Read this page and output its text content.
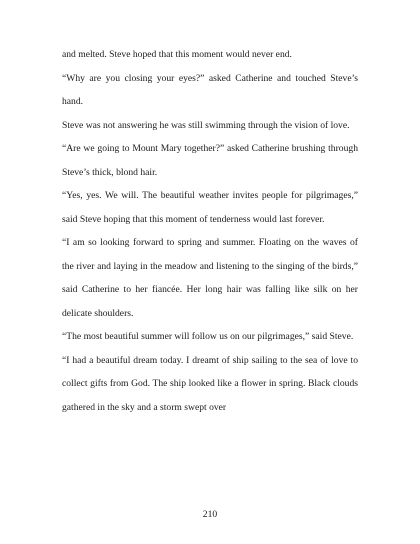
and melted. Steve hoped that this moment would never end.

“Why are you closing your eyes?” asked Catherine and touched Steve’s hand.

Steve was not answering he was still swimming through the vision of love.

“Are we going to Mount Mary together?” asked Catherine brushing through Steve’s thick, blond hair.

“Yes, yes. We will. The beautiful weather invites people for pilgrimages,” said Steve hoping that this moment of tenderness would last forever.

“I am so looking forward to spring and summer. Floating on the waves of the river and laying in the meadow and listening to the singing of the birds,” said Catherine to her fiancée. Her long hair was falling like silk on her delicate shoulders.

“The most beautiful summer will follow us on our pilgrimages,” said Steve.

“I had a beautiful dream today. I dreamt of ship sailing to the sea of love to collect gifts from God. The ship looked like a flower in spring. Black clouds gathered in the sky and a storm swept over

210
